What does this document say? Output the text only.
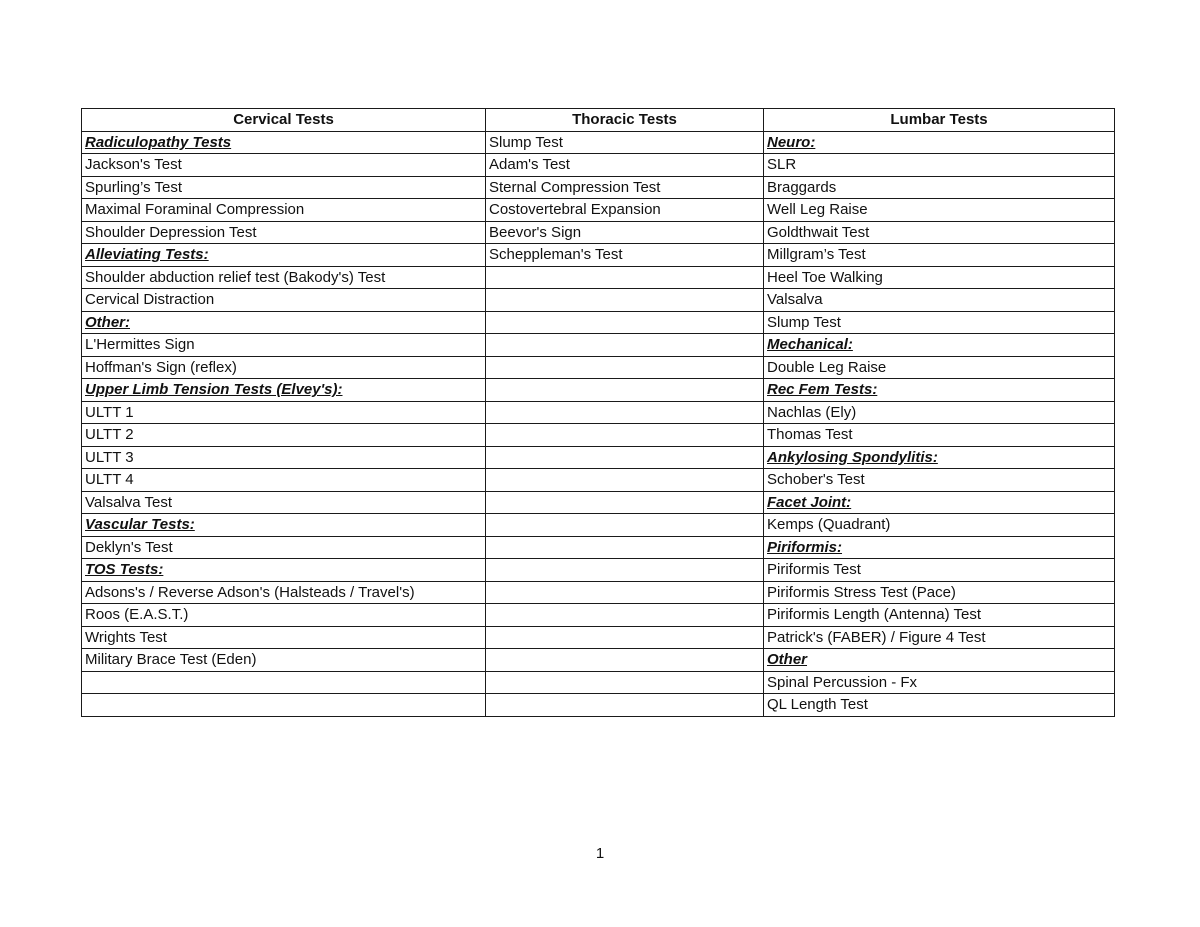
Cervical Tests	Thoracic Tests	Lumbar Tests
Radiculopathy Tests	Slump Test	Neuro:
Jackson's Test	Adam's Test	SLR
Spurling’s Test	Sternal Compression Test	Braggards
Maximal Foraminal Compression	Costovertebral Expansion	Well Leg Raise
Shoulder Depression Test	Beevor's Sign	Goldthwait Test
Alleviating Tests:	Scheppleman's Test	Millgram’s Test
Shoulder abduction relief test (Bakody's) Test		Heel Toe Walking
Cervical Distraction		Valsalva
Other:		Slump Test
L'Hermittes Sign		Mechanical:
Hoffman's Sign (reflex)		Double Leg Raise
Upper Limb Tension Tests (Elvey's):		Rec Fem Tests:
ULTT 1		Nachlas (Ely)
ULTT 2		Thomas Test
ULTT 3		Ankylosing Spondylitis:
ULTT 4		Schober's Test
Valsalva Test		Facet Joint:
Vascular Tests:		Kemps (Quadrant)
Deklyn's Test		Piriformis:
TOS Tests:		Piriformis Test
Adsons's / Reverse Adson's (Halsteads / Travel's)		Piriformis Stress Test (Pace)
Roos (E.A.S.T.)		Piriformis Length (Antenna) Test
Wrights Test		Patrick's (FABER) / Figure 4 Test
Military Brace Test (Eden)		Other
		Spinal Percussion - Fx
		QL Length Test
1
